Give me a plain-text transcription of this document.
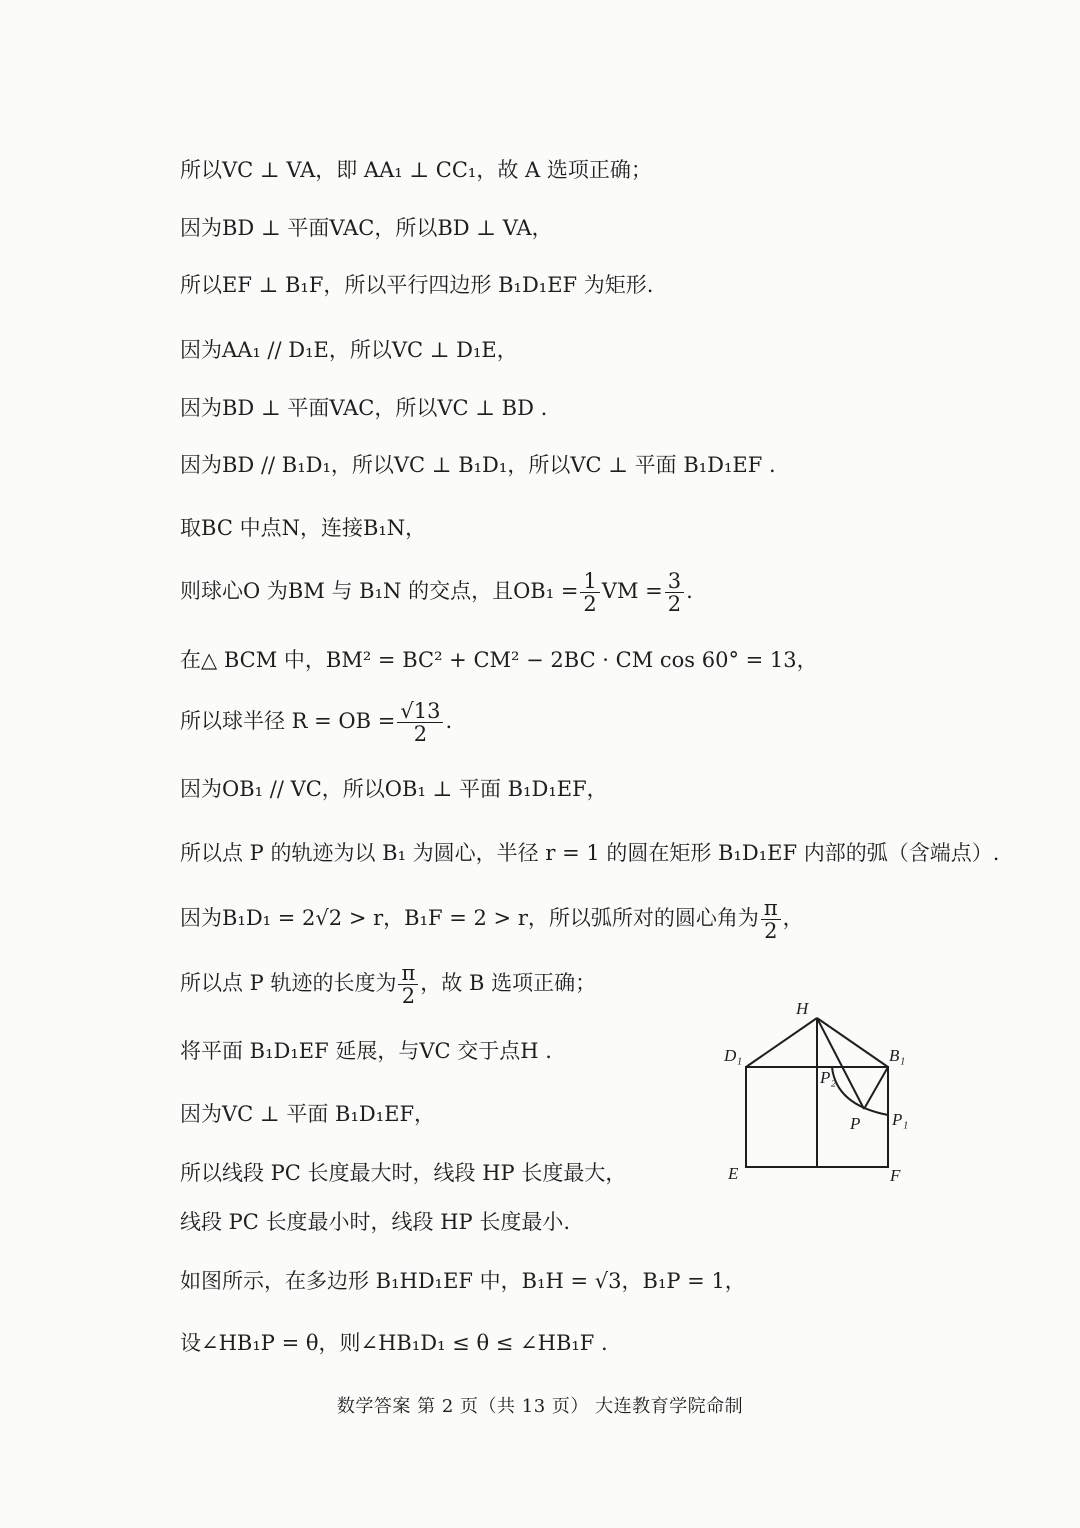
所以VC ⊥ VA，即 AA₁ ⊥ CC₁，故 A 选项正确；
因为BD ⊥ 平面VAC，所以BD ⊥ VA，
所以EF ⊥ B₁F，所以平行四边形 B₁D₁EF 为矩形.
因为AA₁ // D₁E，所以VC ⊥ D₁E，
因为BD ⊥ 平面VAC，所以VC ⊥ BD .
因为BD // B₁D₁，所以VC ⊥ B₁D₁，所以VC ⊥ 平面 B₁D₁EF .
取BC 中点N，连接B₁N，
则球心O 为BM 与 B₁N 的交点，且$OB_1 = \frac{1}{2}$ VM = $\frac{3}{2}$ .
在△ BCM 中，BM² = BC² + CM² − 2BC · CM cos 60° = 13，
所以球半径 R = OB = $\frac{√13}{2}$ .
因为OB₁ // VC，所以OB₁ ⊥ 平面 B₁D₁EF，
所以点 P 的轨迹为以 B₁ 为圆心，半径 r = 1 的圆在矩形 B₁D₁EF 内部的弧（含端点）.
因为B₁D₁ = 2√2 > r，B₁F = 2 > r，所以弧所对的圆心角为 $\frac{\pi}{2}$ ，
所以点 P 轨迹的长度为 $\frac{\pi}{2}$ ，故 B 选项正确；
将平面 B₁D₁EF 延展，与VC 交于点H .
因为VC ⊥ 平面 B₁D₁EF，
所以线段 PC 长度最大时，线段 HP 长度最大，
线段 PC 长度最小时，线段 HP 长度最小.
如图所示，在多边形 B₁HD₁EF 中，B₁H = √3，B₁P = 1，
设∠HB₁P = θ，则∠HB₁D₁ ≤ θ ≤ ∠HB₁F .
H
D₁	B₁
P₂
P P₁
E	F
数学答案 第 2 页（共 13 页） 大连教育学院命制
